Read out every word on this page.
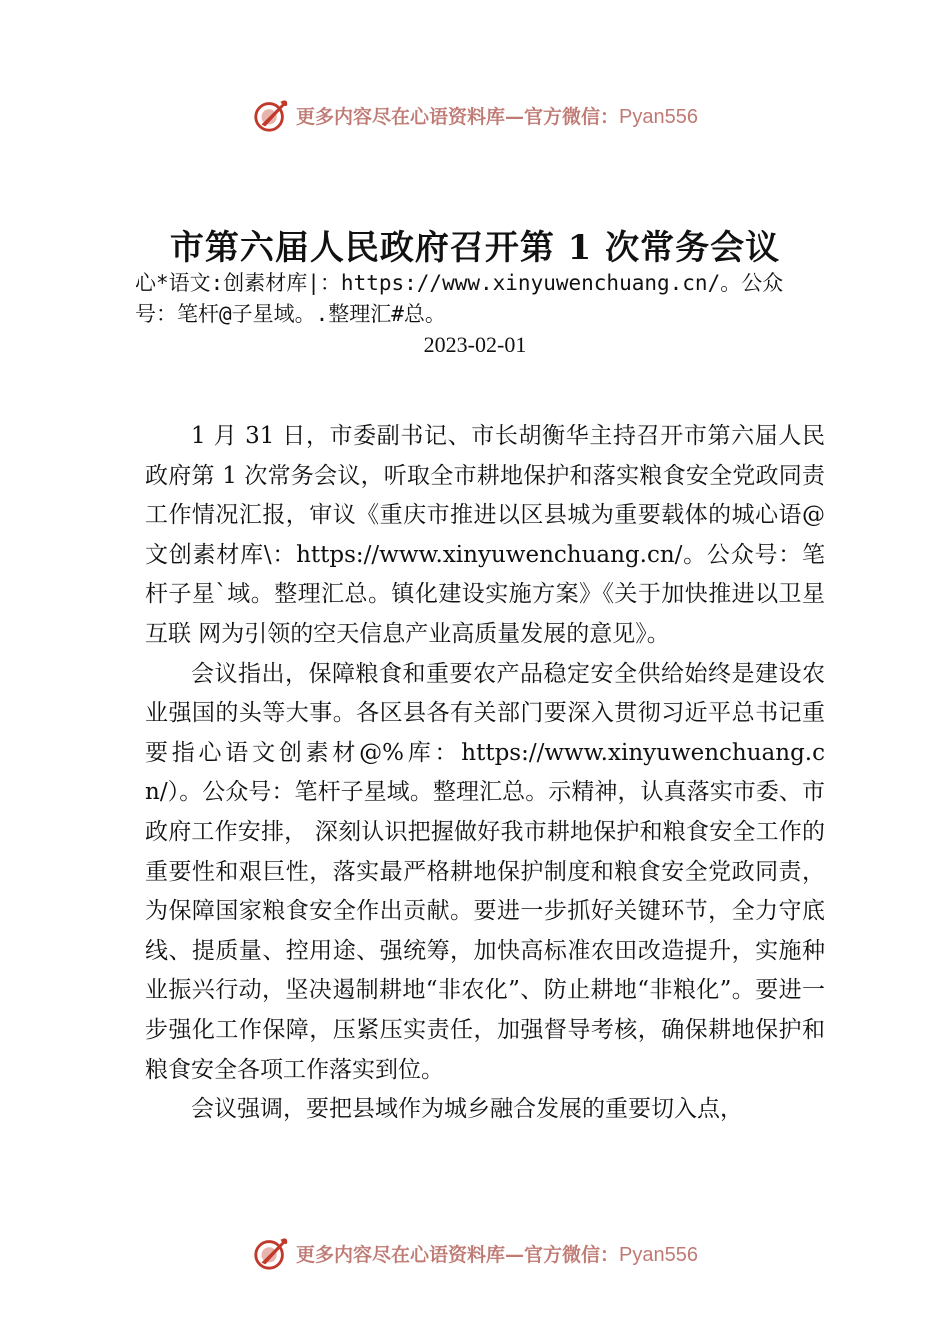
更多内容尽在心语资料库—官方微信：Pyan556
市第六届人民政府召开第 1 次常务会议
心*语文:创素材库|：https://www.xinyuwenchuang.cn/。公众号：笔杆@子星域。.整理汇#总。
2023-02-01

1 月 31 日，市委副书记、市长胡衡华主持召开市第六届人民政府第 1 次常务会议，听取全市耕地保护和落实粮食安全党政同责工作情况汇报，审议《重庆市推进以区县城为重要载体的城心语@文创素材库\：https://www.xinyuwenchuang.cn/。公众号：笔杆子星`域。整理汇总。镇化建设实施方案》《关于加快推进以卫星互联 网为引领的空天信息产业高质量发展的意见》。

会议指出，保障粮食和重要农产品稳定安全供给始终是建设农业强国的头等大事。各区县各有关部门要深入贯彻习近平总书记重要指心语文创素材@%库：https://www.xinyuwenchuang.cn/）。公众号：笔杆子星域。整理汇总。示精神，认真落实市委、市政府工作安排， 深刻认识把握做好我市耕地保护和粮食安全工作的重要性和艰巨性，落实最严格耕地保护制度和粮食安全党政同责， 为保障国家粮食安全作出贡献。要进一步抓好关键环节，全力守底线、提质量、控用途、强统筹，加快高标准农田改造提升，实施种业振兴行动，坚决遏制耕地“非农化”、防止耕地“非粮化”。要进一步强化工作保障，压紧压实责任，加强督导考核，确保耕地保护和粮食安全各项工作落实到位。

会议强调，要把县域作为城乡融合发展的重要切入点，

更多内容尽在心语资料库—官方微信：Pyan556
